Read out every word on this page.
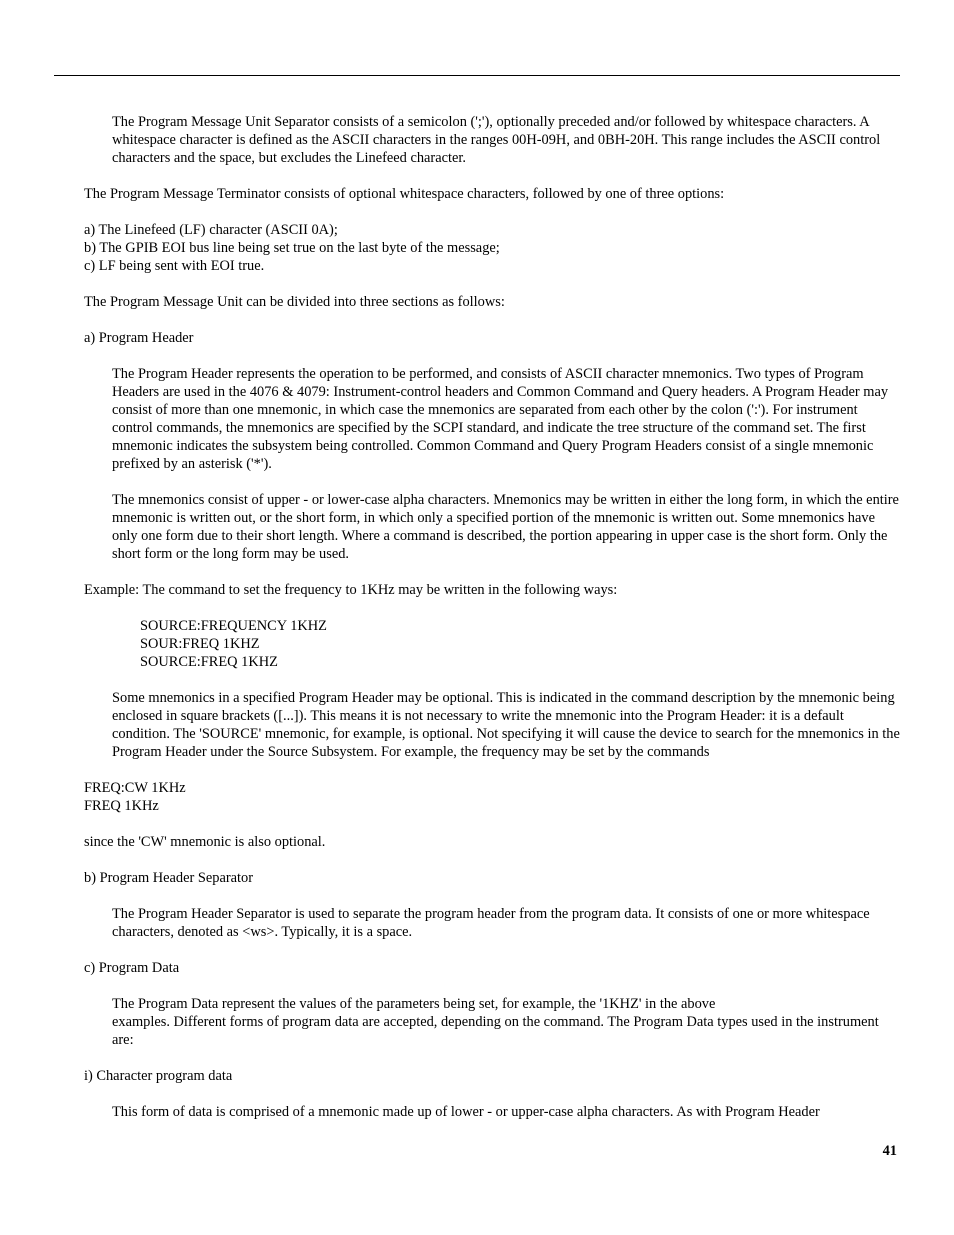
The Program Message Unit Separator consists of a semicolon (';'), optionally preceded and/or followed by whitespace characters. A whitespace character is defined as the ASCII characters in the ranges 00H-09H, and 0BH-20H. This range includes the ASCII control characters and the space, but excludes the Linefeed character.

The Program Message Terminator consists of optional whitespace characters, followed by one of three options:

a) The Linefeed (LF) character (ASCII 0A);
b) The GPIB EOI bus line being set true on the last byte of the message;
c) LF being sent with EOI true.

The Program Message Unit can be divided into three sections as follows:

a) Program Header

The Program Header represents the operation to be performed, and consists of ASCII character mnemonics. Two types of Program Headers are used in the 4076 & 4079: Instrument-control headers and Common Command and Query headers. A Program Header may consist of more than one mnemonic, in which case the mnemonics are separated from each other by the colon (':'). For instrument control commands, the mnemonics are specified by the SCPI standard, and indicate the tree structure of the command set. The first mnemonic indicates the subsystem being controlled. Common Command and Query Program Headers consist of a single mnemonic prefixed by an asterisk ('*').

The mnemonics consist of upper - or lower-case alpha characters. Mnemonics may be written in either the long form, in which the entire mnemonic is written out, or the short form, in which only a specified portion of the mnemonic is written out. Some mnemonics have only one form due to their short length. Where a command is described, the portion appearing in upper case is the short form. Only the short form or the long form may be used.

Example: The command to set the frequency to 1KHz may be written in the following ways:

SOURCE:FREQUENCY 1KHZ
SOUR:FREQ 1KHZ
SOURCE:FREQ 1KHZ

Some mnemonics in a specified Program Header may be optional. This is indicated in the command description by the mnemonic being enclosed in square brackets ([...]). This means it is not necessary to write the mnemonic into the Program Header: it is a default condition. The 'SOURCE' mnemonic, for example, is optional. Not specifying it will cause the device to search for the mnemonics in the Program Header under the Source Subsystem. For example, the frequency may be set by the commands

FREQ:CW 1KHz
FREQ 1KHz

since the 'CW' mnemonic is also optional.

b) Program Header Separator

The Program Header Separator is used to separate the program header from the program data. It consists of one or more whitespace characters, denoted as <ws>. Typically, it is a space.

c) Program Data

The Program Data represent the values of the parameters being set, for example, the '1KHZ' in the above
examples. Different forms of program data are accepted, depending on the command. The Program Data types used in the instrument are:

i) Character program data

This form of data is comprised of a mnemonic made up of lower - or upper-case alpha characters. As with Program Header

41
